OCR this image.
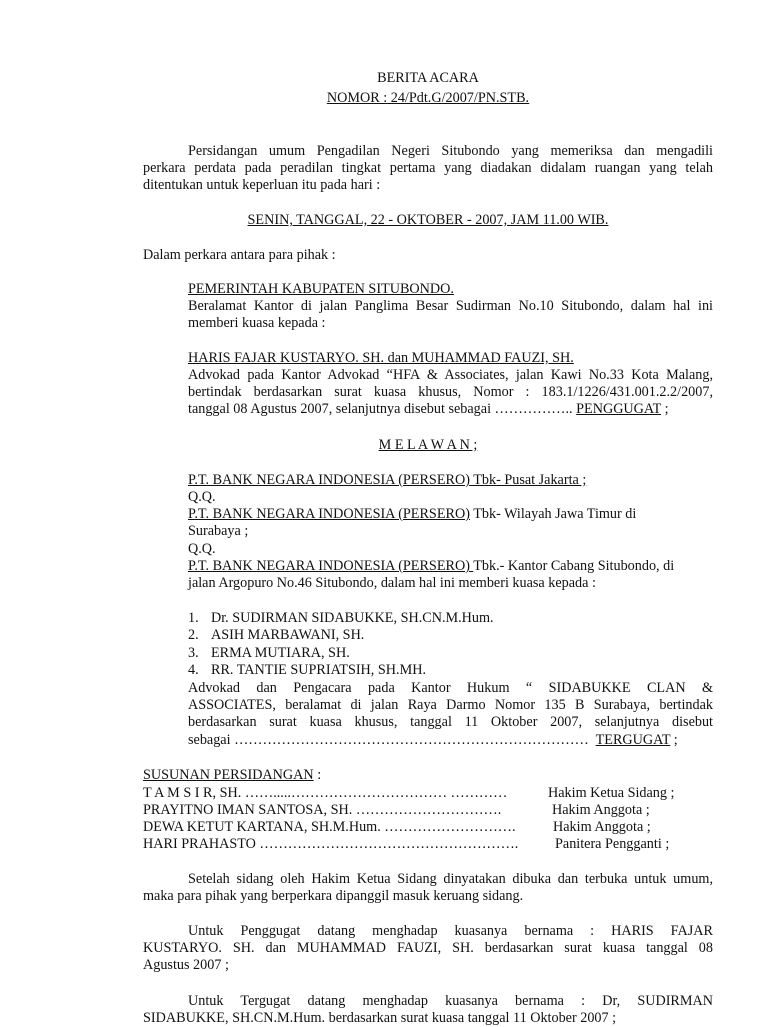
BERITA ACARA
NOMOR : 24/Pdt.G/2007/PN.STB.
Persidangan umum Pengadilan Negeri Situbondo yang memeriksa dan mengadili
perkara perdata pada peradilan tingkat pertama yang diadakan didalam ruangan yang telah
ditentukan untuk keperluan itu pada hari :
SENIN, TANGGAL, 22 - OKTOBER - 2007, JAM 11.00 WIB.
Dalam perkara antara para pihak :
PEMERINTAH KABUPATEN SITUBONDO.
Beralamat Kantor di jalan Panglima Besar Sudirman No.10 Situbondo, dalam hal ini
memberi kuasa kepada :
HARIS FAJAR KUSTARYO. SH. dan MUHAMMAD FAUZI, SH.
Advokad pada Kantor Advokad “HFA & Associates, jalan Kawi No.33 Kota Malang,
bertindak berdasarkan surat kuasa khusus, Nomor : 183.1/1226/431.001.2.2/2007,
tanggal 08 Agustus 2007, selanjutnya disebut sebagai …………….. PENGGUGAT ;
M E L A W A N ;
P.T. BANK NEGARA INDONESIA (PERSERO) Tbk- Pusat Jakarta ;
Q.Q.
P.T. BANK NEGARA INDONESIA (PERSERO) Tbk- Wilayah Jawa Timur di
Surabaya ;
Q.Q.
P.T. BANK NEGARA INDONESIA (PERSERO) Tbk.- Kantor Cabang Situbondo, di
jalan Argopuro No.46 Situbondo, dalam hal ini memberi kuasa kepada :
1. Dr. SUDIRMAN SIDABUKKE, SH.CN.M.Hum.
2. ASIH MARBAWANI, SH.
3. ERMA MUTIARA, SH.
4. RR. TANTIE SUPRIATSIH, SH.MH.
Advokad dan Pengacara pada Kantor Hukum “ SIDABUKKE CLAN &
ASSOCIATES, beralamat di jalan Raya Darmo Nomor 135 B Surabaya, bertindak
berdasarkan surat kuasa khusus, tanggal 11 Oktober 2007, selanjutnya disebut
sebagai …………………………………………………………………  TERGUGAT ;
SUSUNAN PERSIDANGAN :
T A M S I R, SH. …….....…………………………… …………	Hakim Ketua Sidang ;
PRAYITNO IMAN SANTOSA, SH. ………………………….	Hakim Anggota ;
DEWA KETUT KARTANA, SH.M.Hum. ……………………….	Hakim Anggota ;
HARI PRAHASTO ……………………………………………….	Panitera Pengganti ;
Setelah sidang oleh Hakim Ketua Sidang dinyatakan dibuka dan terbuka untuk umum,
maka para pihak yang berperkara dipanggil masuk keruang sidang.
Untuk Penggugat datang menghadap kuasanya bernama : HARIS FAJAR
KUSTARYO. SH. dan MUHAMMAD FAUZI, SH. berdasarkan surat kuasa tanggal 08
Agustus 2007 ;
Untuk Tergugat datang menghadap kuasanya bernama : Dr, SUDIRMAN
SIDABUKKE, SH.CN.M.Hum. berdasarkan surat kuasa tanggal 11 Oktober 2007 ;
